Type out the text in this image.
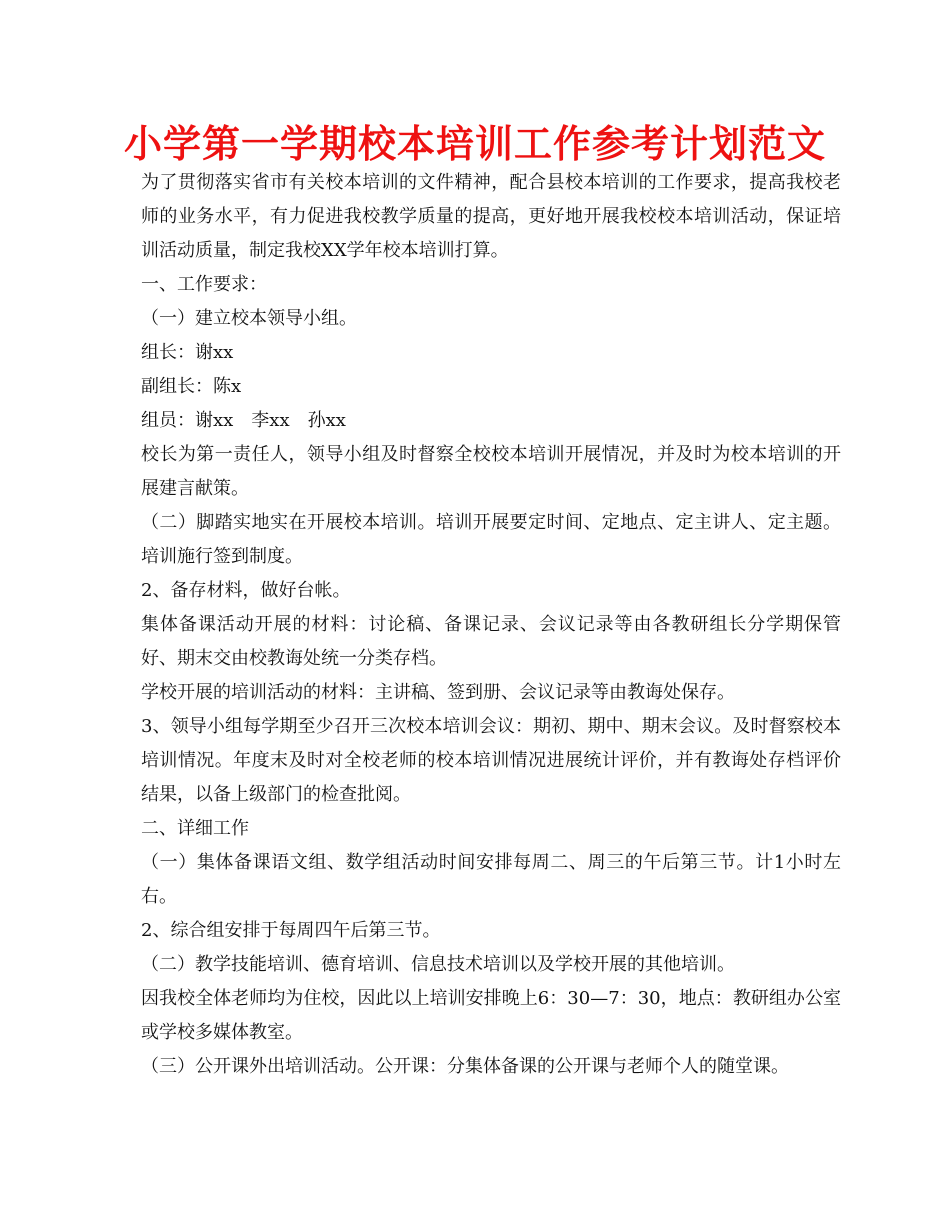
小学第一学期校本培训工作参考计划范文

为了贯彻落实省市有关校本培训的文件精神，配合县校本培训的工作要求，提高我校老师的业务水平，有力促进我校教学质量的提高，更好地开展我校校本培训活动，保证培训活动质量，制定我校XX学年校本培训打算。

一、工作要求：

（一）建立校本领导小组。

组长：谢xx

副组长：陈x

组员：谢xx　李xx　孙xx

校长为第一责任人，领导小组及时督察全校校本培训开展情况，并及时为校本培训的开展建言献策。

（二）脚踏实地实在开展校本培训。培训开展要定时间、定地点、定主讲人、定主题。培训施行签到制度。

2、备存材料，做好台帐。

集体备课活动开展的材料：讨论稿、备课记录、会议记录等由各教研组长分学期保管好、期末交由校教诲处统一分类存档。

学校开展的培训活动的材料：主讲稿、签到册、会议记录等由教诲处保存。

3、领导小组每学期至少召开三次校本培训会议：期初、期中、期末会议。及时督察校本培训情况。年度末及时对全校老师的校本培训情况进展统计评价，并有教诲处存档评价结果，以备上级部门的检查批阅。

二、详细工作

（一）集体备课语文组、数学组活动时间安排每周二、周三的午后第三节。计1小时左右。

2、综合组安排于每周四午后第三节。

（二）教学技能培训、德育培训、信息技术培训以及学校开展的其他培训。

因我校全体老师均为住校，因此以上培训安排晚上6：30—7：30，地点：教研组办公室或学校多媒体教室。

（三）公开课外出培训活动。公开课：分集体备课的公开课与老师个人的随堂课。
